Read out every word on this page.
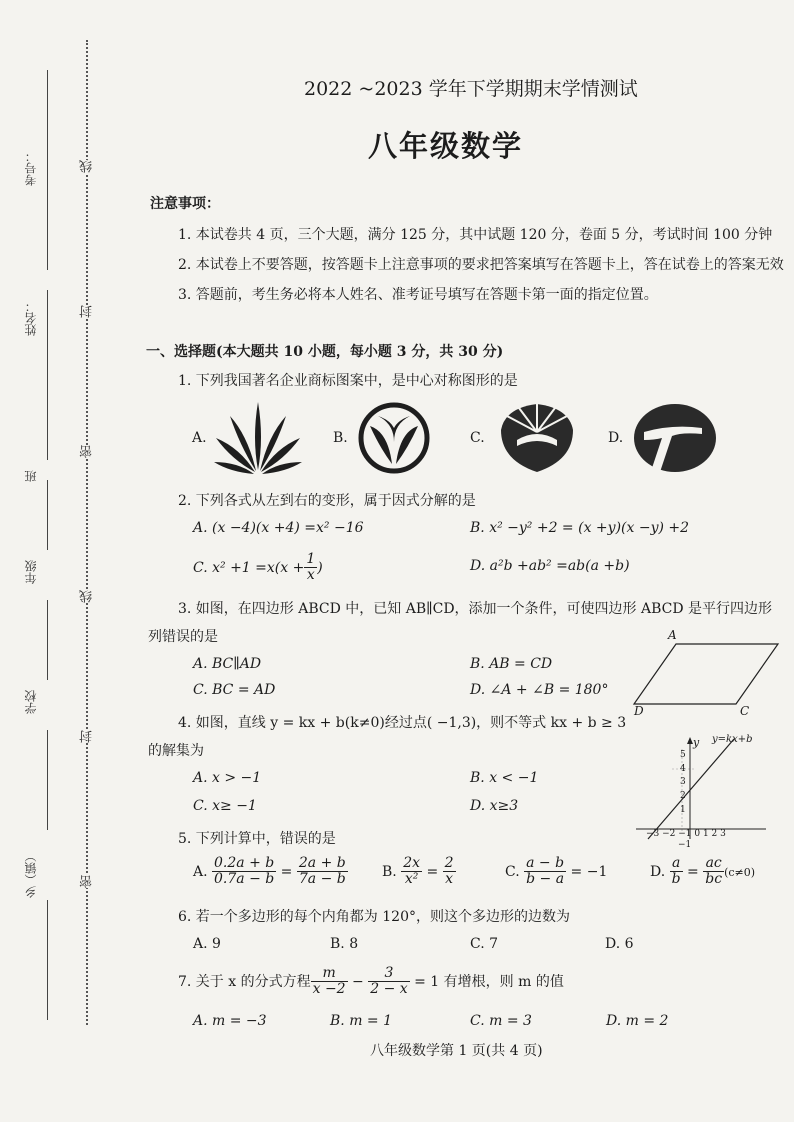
考号：
姓名：
班
年级
学校
乡（镇）
线
封
密
线
封
密
2022 ~2023 学年下学期期末学情测试
八年级数学
注意事项：
1. 本试卷共 4 页，三个大题，满分 125 分，其中试题 120 分，卷面 5 分，考试时间 100 分钟
2. 本试卷上不要答题，按答题卡上注意事项的要求把答案填写在答题卡上，答在试卷上的答案无效
3. 答题前，考生务必将本人姓名、准考证号填写在答题卡第一面的指定位置。
一、选择题(本大题共 10 小题，每小题 3 分，共 30 分)
1. 下列我国著名企业商标图案中，是中心对称图形的是
A.	B.	C.	D.
2. 下列各式从左到右的变形，属于因式分解的是
A. (x −4)(x +4) =x² −16	B. x² −y² +2 = (x +y)(x −y) +2
C. $x^2 +1 =x(x + \frac{1}{x}$ )	D. a²b +ab² =ab(a +b)
3. 如图，在四边形 ABCD 中，已知 AB∥CD，添加一个条件，可使四边形 ABCD 是平行四边形
列错误的是
A. BC∥AD	B. AB = CD
C. BC = AD	D. ∠A + ∠B = 180°
A
D	C
4. 如图，直线 y = kx + b(k≠0)经过点( −1,3)，则不等式 kx + b ≥ 3
的解集为
A. x > −1	B. x < −1
C. x≥ −1	D. x≥3
y y=kx+b
5
4
3
2
1
−3 −2 −1 0 1 2 3
−1
5. 下列计算中，错误的是
A. $\frac{0.2a + b}{0.7a - b} = \frac{2a + b}{7a - b} B$. $\frac{2x}{\text{x²}} = \frac{2}{x}$	C. $\frac{a - b}{b - a} = -1$	D. $\frac{a}{b} = \frac{ac}{bc} (c\ne 0)$
6. 若一个多边形的每个内角都为 120°，则这个多边形的边数为
A. 9	B. 8	C. 7	D. 6
7. 关于 x 的分式方程 $\frac{m}{x -2} - \frac{3}{2 - x} = 1$ 有增根，则 m 的值
A. m = −3	B. m = 1	C. m = 3	D. m = 2
八年级数学第 1 页(共 4 页)
